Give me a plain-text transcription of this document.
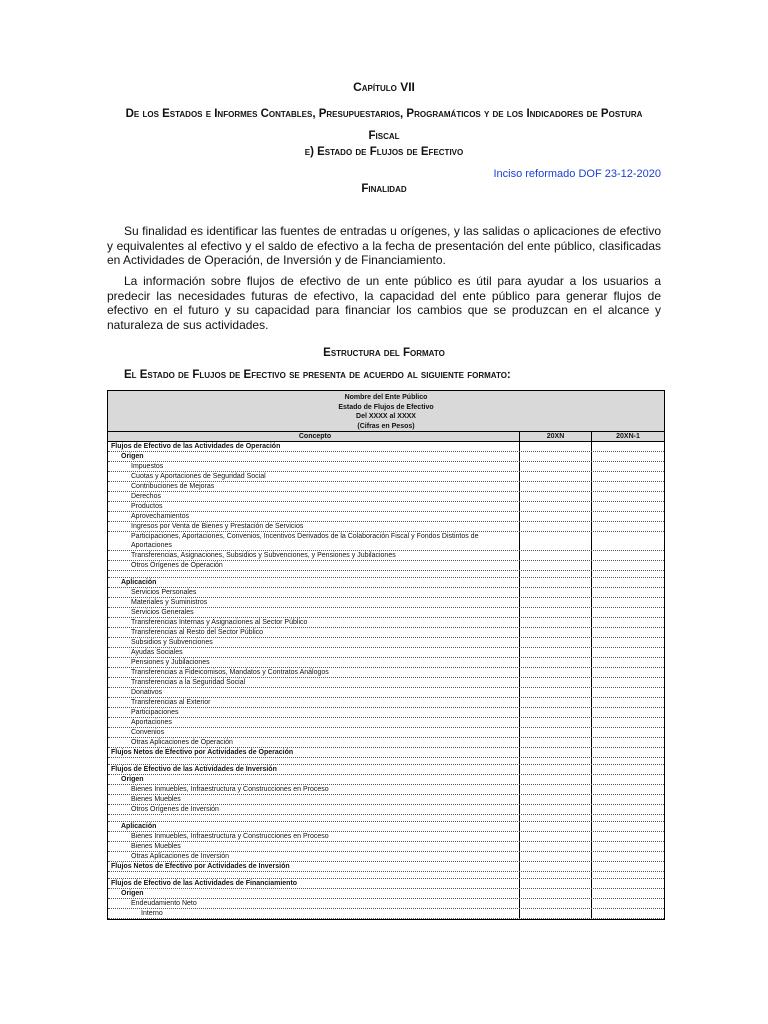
Capítulo VII
De los Estados e Informes Contables, Presupuestarios, Programáticos y de los Indicadores de Postura Fiscal
e) Estado de Flujos de Efectivo
Inciso reformado DOF 23-12-2020
Finalidad

Su finalidad es identificar las fuentes de entradas u orígenes, y las salidas o aplicaciones de efectivo y equivalentes al efectivo y el saldo de efectivo a la fecha de presentación del ente público, clasificadas en Actividades de Operación, de Inversión y de Financiamiento.

La información sobre flujos de efectivo de un ente público es útil para ayudar a los usuarios a predecir las necesidades futuras de efectivo, la capacidad del ente público para generar flujos de efectivo en el futuro y su capacidad para financiar los cambios que se produzcan en el alcance y naturaleza de sus actividades.

Estructura del Formato
El Estado de Flujos de Efectivo se presenta de acuerdo al siguiente formato:
Nombre del Ente Público
Estado de Flujos de Efectivo
Del XXXX al XXXX
(Cifras en Pesos)
Concepto	20XN	20XN-1
Flujos de Efectivo de las Actividades de Operación
Origen
Impuestos
Cuotas y Aportaciones de Seguridad Social
Contribuciones de Mejoras
Derechos
Productos
Aprovechamientos
Ingresos por Venta de Bienes y Prestación de Servicios
Participaciones, Aportaciones, Convenios, Incentivos Derivados de la Colaboración Fiscal y Fondos Distintos de Aportaciones
Transferencias, Asignaciones, Subsidios y Subvenciones, y Pensiones y Jubilaciones
Otros Orígenes de Operación
Aplicación
Servicios Personales
Materiales y Suministros
Servicios Generales
Transferencias Internas y Asignaciones al Sector Público
Transferencias al Resto del Sector Público
Subsidios y Subvenciones
Ayudas Sociales
Pensiones y Jubilaciones
Transferencias a Fideicomisos, Mandatos y Contratos Análogos
Transferencias a la Seguridad Social
Donativos
Transferencias al Exterior
Participaciones
Aportaciones
Convenios
Otras Aplicaciones de Operación
Flujos Netos de Efectivo por Actividades de Operación
Flujos de Efectivo de las Actividades de Inversión
Origen
Bienes Inmuebles, Infraestructura y Construcciones en Proceso
Bienes Muebles
Otros Orígenes de Inversión
Aplicación
Bienes Inmuebles, Infraestructura y Construcciones en Proceso
Bienes Muebles
Otras Aplicaciones de Inversión
Flujos Netos de Efectivo por Actividades de Inversión
Flujos de Efectivo de las Actividades de Financiamiento
Origen
Endeudamiento Neto
Interno
